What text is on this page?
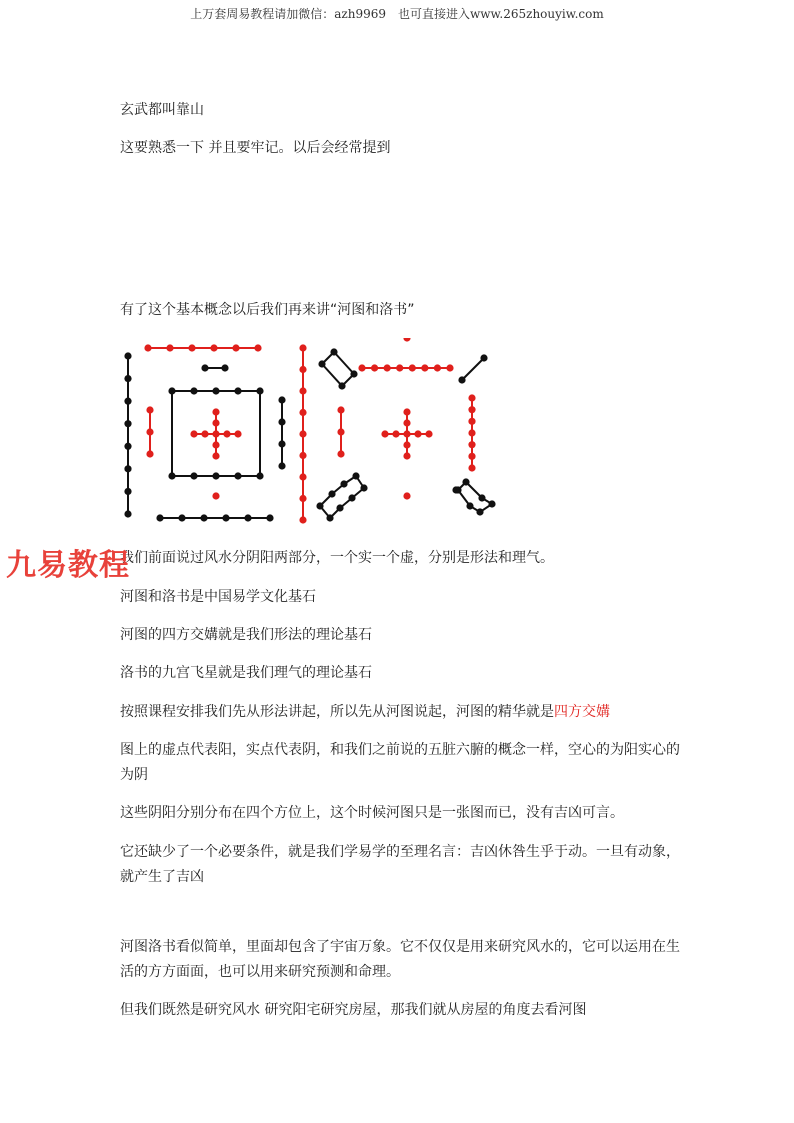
上万套周易教程请加微信：azh9969　也可直接进入www.265zhouyiw.com

玄武都叫靠山

这要熟悉一下 并且要牢记。以后会经常提到

有了这个基本概念以后我们再来讲“河图和洛书”

我们前面说过风水分阴阳两部分，一个实一个虚，分别是形法和理气。

河图和洛书是中国易学文化基石

河图的四方交媾就是我们形法的理论基石

洛书的九宫飞星就是我们理气的理论基石

按照课程安排我们先从形法讲起，所以先从河图说起，河图的精华就是四方交媾

图上的虚点代表阳，实点代表阴，和我们之前说的五脏六腑的概念一样，空心的为阳实心的为阴

这些阴阳分别分布在四个方位上，这个时候河图只是一张图而已，没有吉凶可言。

它还缺少了一个必要条件，就是我们学易学的至理名言：吉凶休咎生乎于动。一旦有动象，就产生了吉凶

河图洛书看似简单，里面却包含了宇宙万象。它不仅仅是用来研究风水的，它可以运用在生活的方方面面，也可以用来研究预测和命理。

但我们既然是研究风水 研究阳宅研究房屋，那我们就从房屋的角度去看河图

九易教程
